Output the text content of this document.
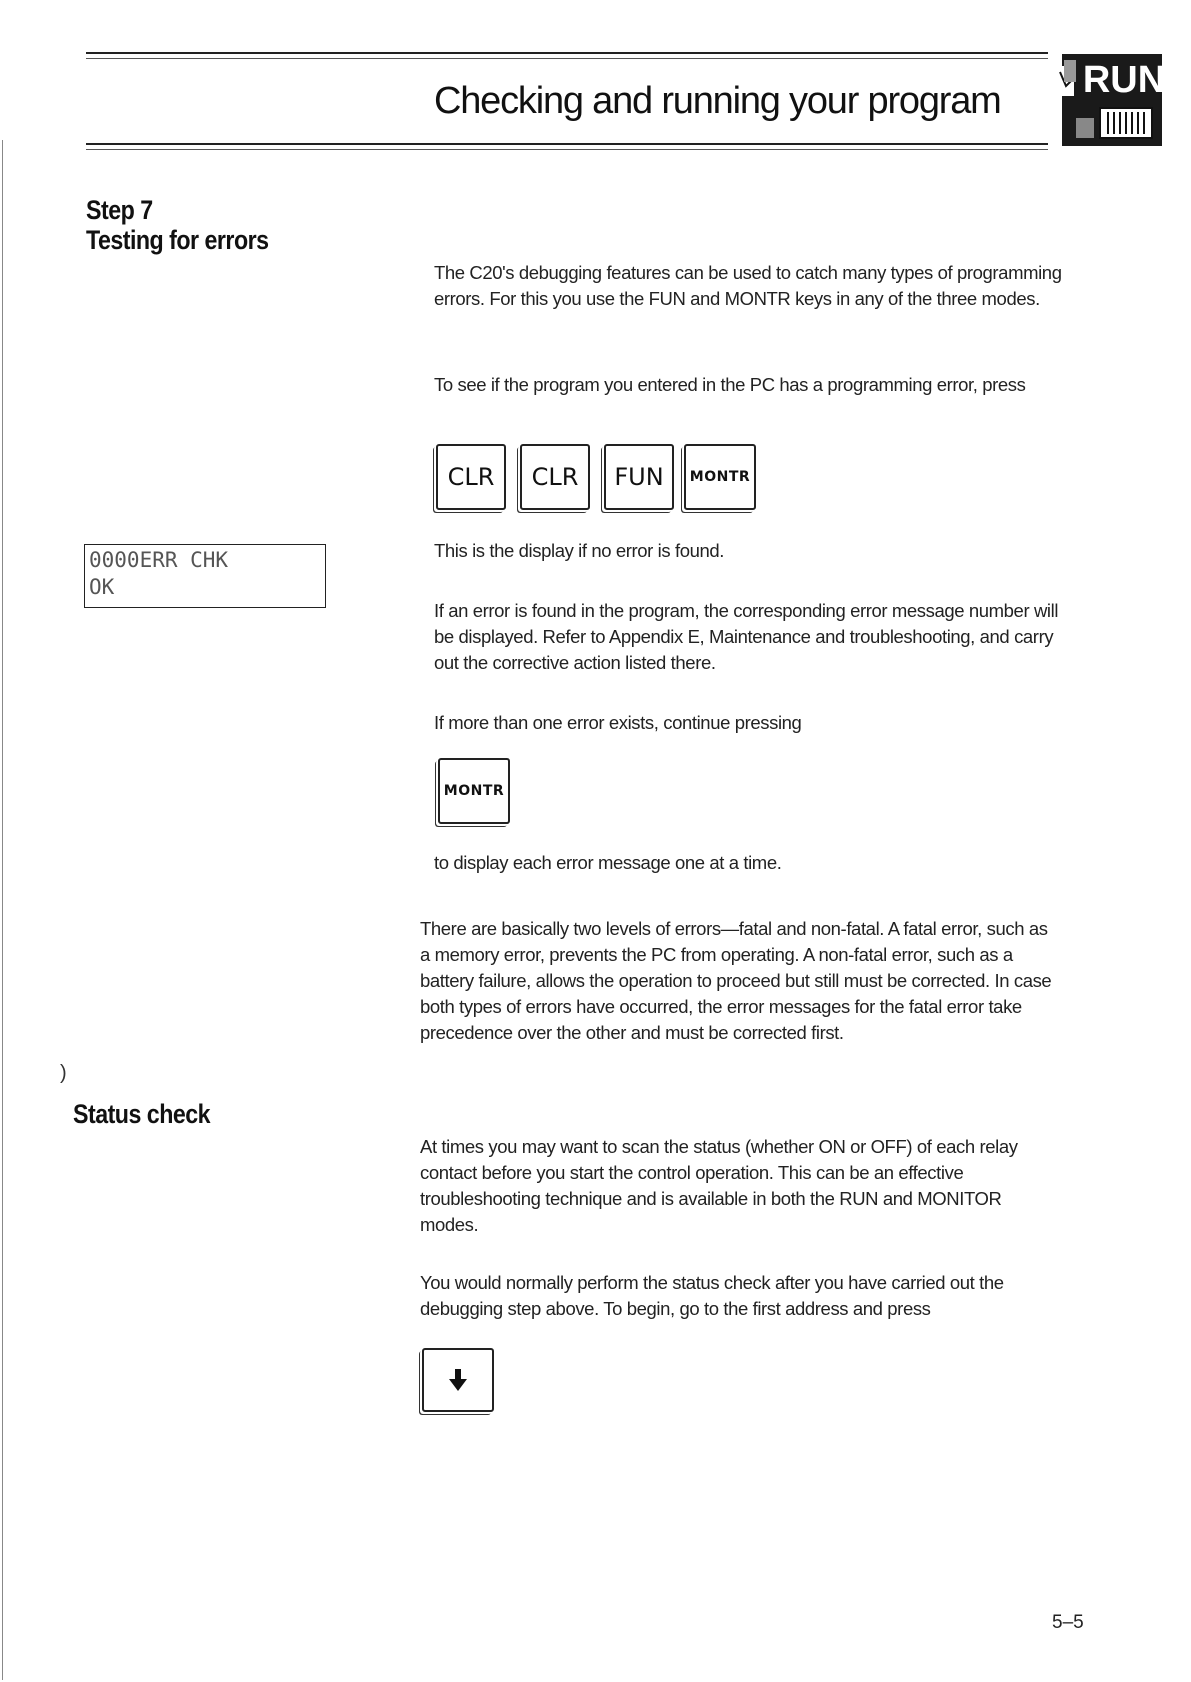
Checking and running your program RUN
Step 7
Testing for errors
0000ERR CHK
OK
)
Status check
The C20's debugging features can be used to catch many types of programming errors. For this you use the FUN and MONTR keys in any of the three modes.
To see if the program you entered in the PC has a programming error, press
CLR	CLR	FUN	MONTR
This is the display if no error is found.
If an error is found in the program, the corresponding error message number will be displayed. Refer to Appendix E, Maintenance and troubleshooting, and carry out the corrective action listed there.
If more than one error exists, continue pressing
MONTR
to display each error message one at a time.
There are basically two levels of errors—fatal and non-fatal. A fatal error, such as a memory error, prevents the PC from operating. A non-fatal error, such as a battery failure, allows the operation to proceed but still must be corrected. In case both types of errors have occurred, the error messages for the fatal error take precedence over the other and must be corrected first.
At times you may want to scan the status (whether ON or OFF) of each relay contact before you start the control operation. This can be an effective troubleshooting technique and is available in both the RUN and MONITOR modes.
You would normally perform the status check after you have carried out the debugging step above. To begin, go to the first address and press
5–5
